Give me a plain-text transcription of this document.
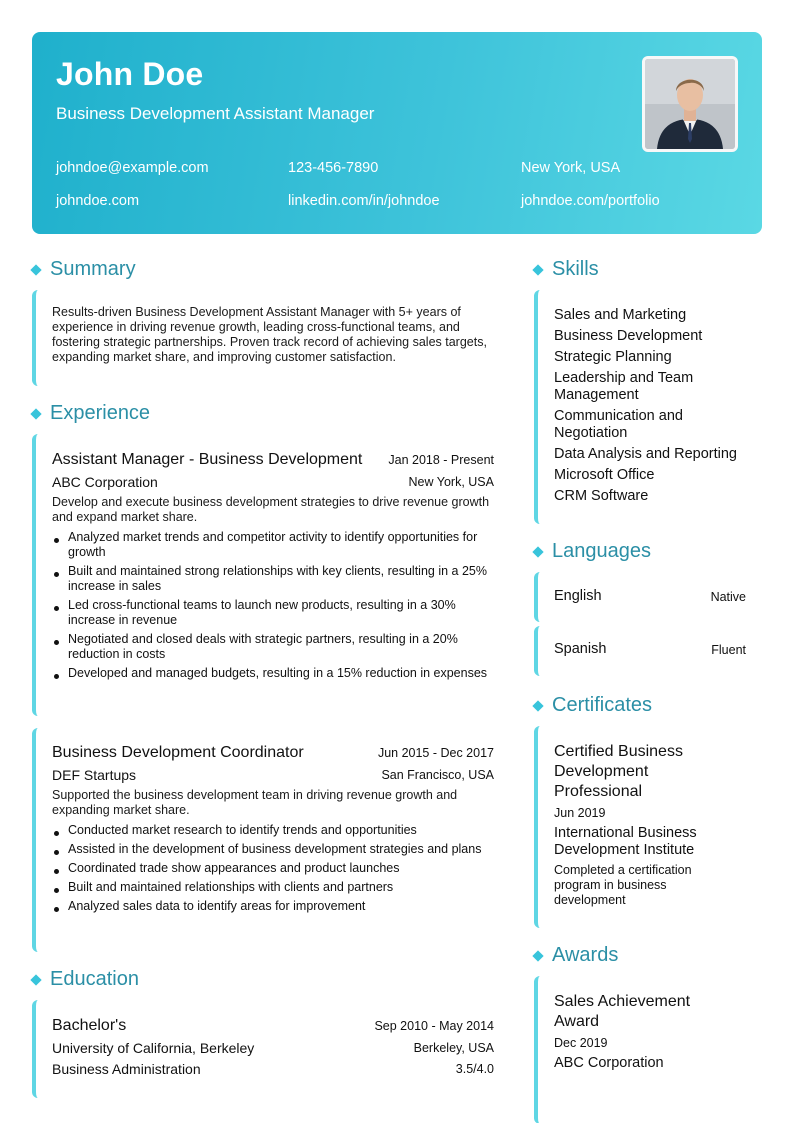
John Doe
Business Development Assistant Manager
johndoe@example.com	123-456-7890	New York, USA
johndoe.com	linkedin.com/in/johndoe	johndoe.com/portfolio
Summary
Results-driven Business Development Assistant Manager with 5+ years of experience in driving revenue growth, leading cross-functional teams, and fostering strategic partnerships. Proven track record of achieving sales targets, expanding market share, and improving customer satisfaction.
Experience
Assistant Manager - Business Development Jan 2018 - Present
ABC Corporation	New York, USA
Develop and execute business development strategies to drive revenue growth and expand market share.
Analyzed market trends and competitor activity to identify opportunities for growth
Built and maintained strong relationships with key clients, resulting in a 25% increase in sales
Led cross-functional teams to launch new products, resulting in a 30% increase in revenue
Negotiated and closed deals with strategic partners, resulting in a 20% reduction in costs
Developed and managed budgets, resulting in a 15% reduction in expenses
Business Development Coordinator	Jun 2015 - Dec 2017
DEF Startups	San Francisco, USA
Supported the business development team in driving revenue growth and expanding market share.
Conducted market research to identify trends and opportunities
Assisted in the development of business development strategies and plans
Coordinated trade show appearances and product launches
Built and maintained relationships with clients and partners
Analyzed sales data to identify areas for improvement
Education
Bachelor's	Sep 2010 - May 2014
University of California, Berkeley	Berkeley, USA
Business Administration	3.5/4.0
Skills
Sales and Marketing
Business Development
Strategic Planning
Leadership and Team Management
Communication and Negotiation
Data Analysis and Reporting
Microsoft Office
CRM Software
Languages
English	Native
Spanish	Fluent
Certificates
Certified Business Development Professional
Jun 2019
International Business Development Institute
Completed a certification program in business development
Awards
Sales Achievement Award
Dec 2019
ABC Corporation
